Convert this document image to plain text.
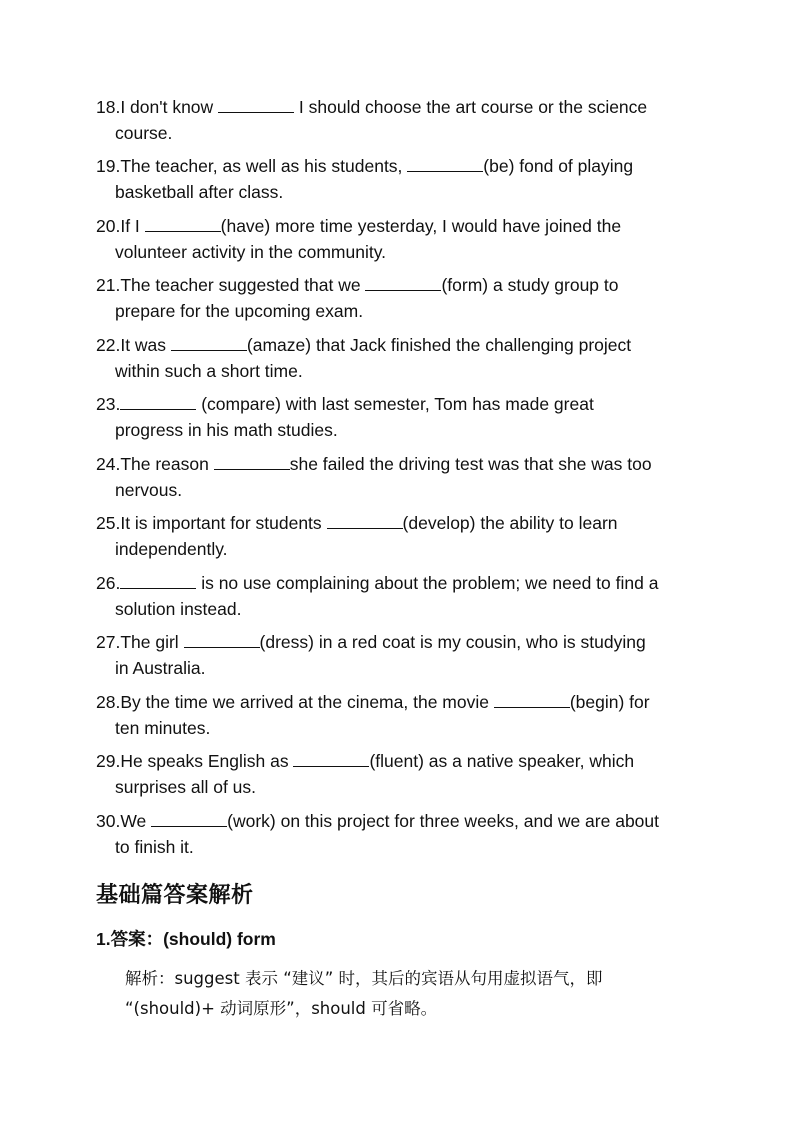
18.I don't know	I should choose the art course or the science
course.
19.The teacher, as well as his students,	(be) fond of playing
basketball after class.
20.If I	(have) more time yesterday, I would have joined the
volunteer activity in the community.
21.The teacher suggested that we	(form) a study group to
prepare for the upcoming exam.
22.It was	(amaze) that Jack finished the challenging project
within such a short time.
23.	(compare) with last semester, Tom has made great
progress in his math studies.
24.The reason	she failed the driving test was that she was too
nervous.
25.It is important for students	(develop) the ability to learn
independently.
26.	is no use complaining about the problem; we need to find a
solution instead.
27.The girl	(dress) in a red coat is my cousin, who is studying
in Australia.
28.By the time we arrived at the cinema, the movie	(begin) for
ten minutes.
29.He speaks English as	(fluent) as a native speaker, which
surprises all of us.
30.We	(work) on this project for three weeks, and we are about
to finish it.
基础篇答案解析
1.答案：(should) form
解析：suggest 表示 “建议” 时，其后的宾语从句用虚拟语气，即
“(should)+ 动词原形”，should 可省略。
